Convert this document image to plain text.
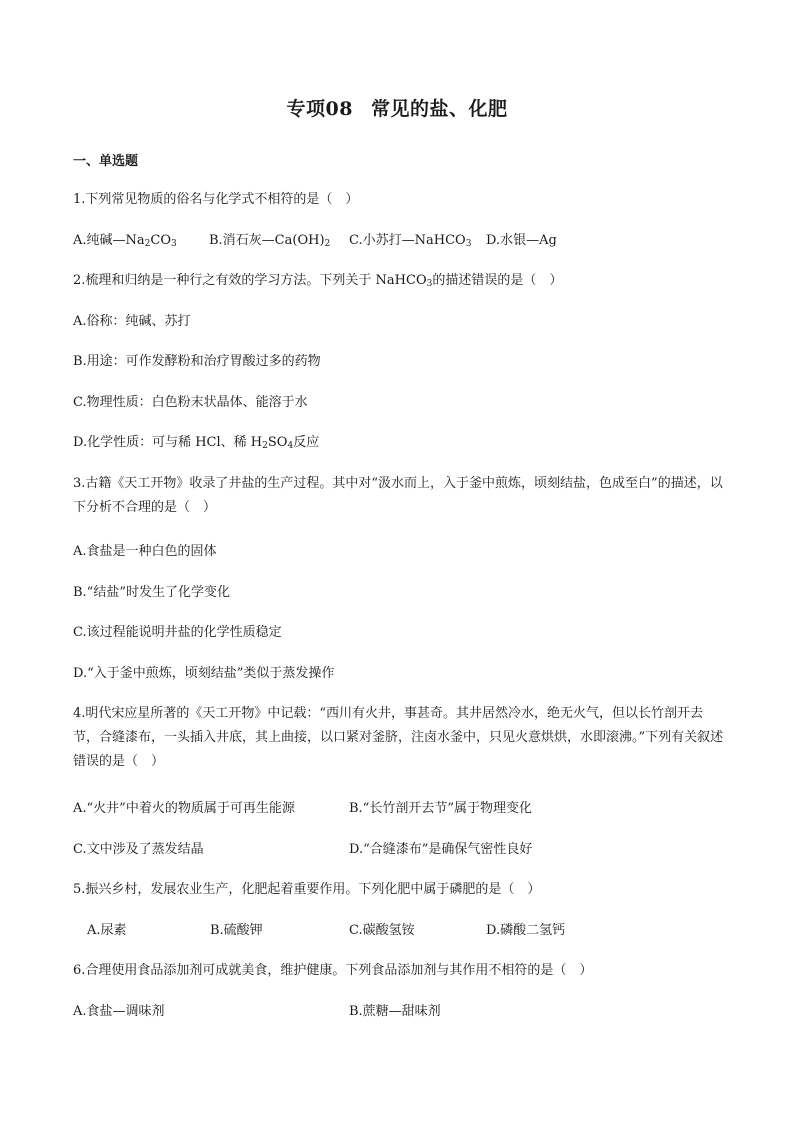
专项08 常见的盐、化肥
一、单选题
1.下列常见物质的俗名与化学式不相符的是（　）
A.纯碱$—Na_2CO_3$ B.消石灰$—Ca(OH)_2$ C.小苏打—NaHCO$_3$ D.水银—Ag
2.梳理和归纳是一种行之有效的学习方法。下列关于 NaHCO$_3$的描述错误的是（　）
A.俗称：纯碱、苏打
B.用途：可作发酵粉和治疗胃酸过多的药物
C.物理性质：白色粉末状晶体、能溶于水
D.化学性质：可与稀 HCl、稀 $H_2SO_4$反应
3.古籍《天工开物》收录了井盐的生产过程。其中对“汲水而上，入于釜中煎炼，顷刻结盐，色成至白”的描述，以下分析不合理的是（　）
A.食盐是一种白色的固体
B.“结盐”时发生了化学变化
C.该过程能说明井盐的化学性质稳定
D.“入于釜中煎炼，顷刻结盐”类似于蒸发操作
4.明代宋应星所著的《天工开物》中记载：“西川有火井，事甚奇。其井居然冷水，绝无火气，但以长竹剖开去节，合缝漆布，一头插入井底，其上曲接，以口紧对釜脐，注卤水釜中，只见火意烘烘，水即滚沸。”下列有关叙述错误的是（　）
A.“火井”中着火的物质属于可再生能源	B.“长竹剖开去节”属于物理变化
C.文中涉及了蒸发结晶	D.“合缝漆布”是确保气密性良好
5.振兴乡村，发展农业生产，化肥起着重要作用。下列化肥中属于磷肥的是（　）
A.尿素	B.硫酸钾	C.碳酸氢铵	D.磷酸二氢钙
6.合理使用食品添加剂可成就美食，维护健康。下列食品添加剂与其作用不相符的是（　）
A.食盐—调味剂	B.蔗糖—甜味剂
